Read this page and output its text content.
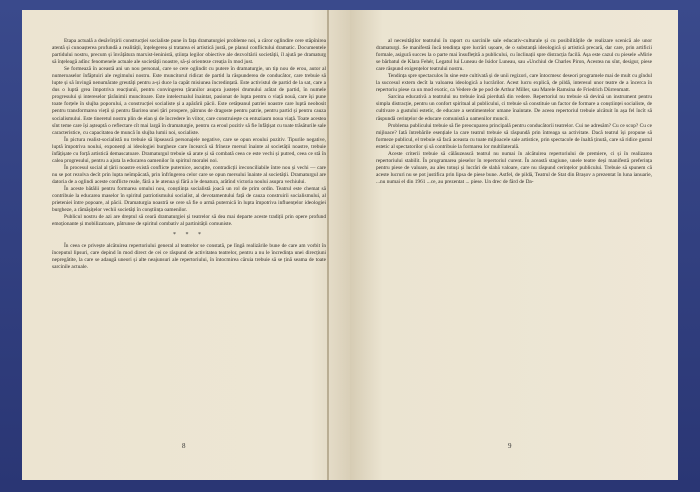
Etapa actuală a desăvîrșirii construcției socialiste pune în fața dramaturgiei probleme noi, a căror oglindire cere stăpînirea atentă și cunoașterea profundă a realității, înțelegerea și tratarea ei artistică justă, pe planul conflictului dramatic. Documentele partidului nostru, precum și învățătura marxist-leninistă, știința legilor obiective ale dezvoltării societății, îl ajută pe dramaturg să înțeleagă adînc fenomenele actuale ale societății noastre, să-și orienteze creația în mod just.

Se formează în această ani un nou personal, care se cere oglindit cu putere în dramaturgie, un tip nou de erou, autor al numeroaselor înfăptuiri ale regimului nostru. Este muncitorul ridicat de partid la răspunderea de conducător, care trebuie să lupte și să învingă nenumărate greutăți pentru a-și duce la capăt misiunea încredințată. Este activistul de partid de la sat, care a dus o luptă grea împotriva reacțiunii, pentru convingerea țăranilor asupra justeței drumului arătat de partid, în numele progresului și intereselor țărănimii muncitoare. Este intelectualul înaintat, pasionat de lupta pentru o viață nouă, care își pune toate forțele în slujba poporului, a construcției socialiste și a apărării păcii. Este cetățeanul patriei noastre care luptă neobosit pentru transformarea vieții și pentru făurirea unei țări prospere, pătruns de dragoste pentru patrie, pentru partid și pentru cauza socialismului. Este tineretul nostru plin de elan și de încredere în viitor, care construiește cu entuziasm noua viață. Toate acestea sînt teme care își așteaptă o reflectare cît mai largă în dramaturgie, pentru ca eroul pozitiv să fie înfățișat cu toate trăsăturile sale caracteristice, cu capacitatea de muncă în slujba lumii noi, socialiste.

În pictura realist-socialistă nu trebuie să lipsească personajele negative, care se opun eroului pozitiv. Tipurile negative, luptă împotriva noului, exponenți ai ideologiei burgheze care încearcă să frîneze mersul înainte al societății noastre, trebuie înfățișate cu forță artistică demascatoare. Dramaturgul trebuie să arate și să combată ceea ce este vechi și putred, ceea ce stă în calea progresului, pentru a ajuta la educarea oamenilor în spiritul moralei noi.

În procesul social al țării noastre există conflicte puternice, ascuțite, contradicții ireconciliabile între nou și vechi — care nu se pot rezolva decît prin lupta neîmpăcată, prin înfrîngerea celor care se opun mersului înainte al societății. Dramaturgul are datoria de a oglindi aceste conflicte reale, fără a le atenua și fără a le denatura, arătînd victoria noului asupra vechiului.

În aceste bătălii pentru formarea omului nou, conștiința socialistă joacă un rol de prim ordin. Teatrul este chemat să contribuie la educarea maselor în spiritul patriotismului socialist, al devotamentului față de cauza construirii socialismului, al prieteniei între popoare, al păcii. Dramaturgia noastră se cere să fie o armă puternică în lupta împotriva influențelor ideologiei burgheze, a rămășițelor vechii societăți în conștiința oamenilor.

Publicul nostru de azi are dreptul să ceară dramaturgiei și teatrelor să dea mai departe aceste tradiții prin opere profund emoționante și mobilizatoare, pătrunse de spiritul combativ al partinității comuniste.

* * *

În ceea ce privește alcătuirea repertoriului general al teatrelor se constată, pe lîngă realizările bune de care am vorbit în începutul lipsuri, care depind în mod direct de cei ce răspund de activitatea teatrelor, pentru a nu le încredința unei direcțiuni nepregătite, la care se adaugă uneori și alte neajunsuri ale repertoriului, în întocmirea căruia trebuie să se țină seama de toate sarcinile actuale.

8

al necesităților teatrului în raport cu sarcinile sale educativ-culturale și cu posibilitățile de realizare scenică ale unor dramaturgi. Se manifestă încă tendința spre lucrări ușoare, de o substanță ideologică și artistică precară, dar care, prin artificii formale, asigură succes la o parte mai însuflețită a publicului, cu înclinații spre distracția facilă. Așa este cazul cu piesele «Mirie se bărbatul de Klara Fehér, Legatul lui Luneau de Isidor Luneau, sau «Unchiul de Charles Piron, Acestea nu sînt, desigur, piese care răspund exigențelor teatrului nostru.

Tendința spre spectaculos în sine este cultivată și de unii regizori, care întocmesc deseori programele mai de mult cu gîndul la succesul extern decît la valoarea ideologică a lucrărilor. Acest lucru explică, de pildă, interesul unor teatre de a încerca în repertoriu piese ca un mod exotic, ca Vedere de pe pod de Arthur Miller, sau Marele Ramsina de Friedrich Dürrenmatt.

Sarcina educativă a teatrului nu trebuie însă pierdută din vedere. Repertoriul nu trebuie să devină un instrument pentru simpla distracție, pentru un confort spiritual al publicului, ci trebuie să constituie un factor de formare a conștiinței socialiste, de cultivare a gustului estetic, de educare a sentimentelor umane înaintate. De aceea repertoriul trebuie alcătuit în așa fel încît să răspundă cerințelor de educare comunistă a oamenilor muncii.

Problema publicului trebuie să fie preocuparea principală pentru conducătorii teatrelor. Cui ne adresăm? Cu ce scop? Cu ce mijloace? Iată întrebările esențiale la care teatrul trebuie să răspundă prin întreaga sa activitate. Dacă teatrul își propune să formeze publicul, el trebuie să facă aceasta cu toate mijloacele sale artistice, prin spectacole de înaltă ținută, care să ridice gustul estetic al spectatorilor și să contribuie la formarea lor multilaterală.

Aceste criterii trebuie să călăuzească teatrul nu numai în alcătuirea repertoriului de premiere, ci și în realizarea repertoriului stabilit. În programarea pieselor în repertoriul curent. În această stagiune, unele teatre deși manifestă preferința pentru piese de valoare, au ales totuși și lucrări de slabă valoare, care nu răspund cerințelor publicului. Trebuie să spunem că aceste lucruri nu se pot justifica prin lipsa de piese bune. Astfel, de pildă, Teatrul de Stat din Brașov a prezentat în luna ianuarie, ...nu numai el din 1961 ...ce, au prezentat ... piese. Un drec de fărd de Da-

9
